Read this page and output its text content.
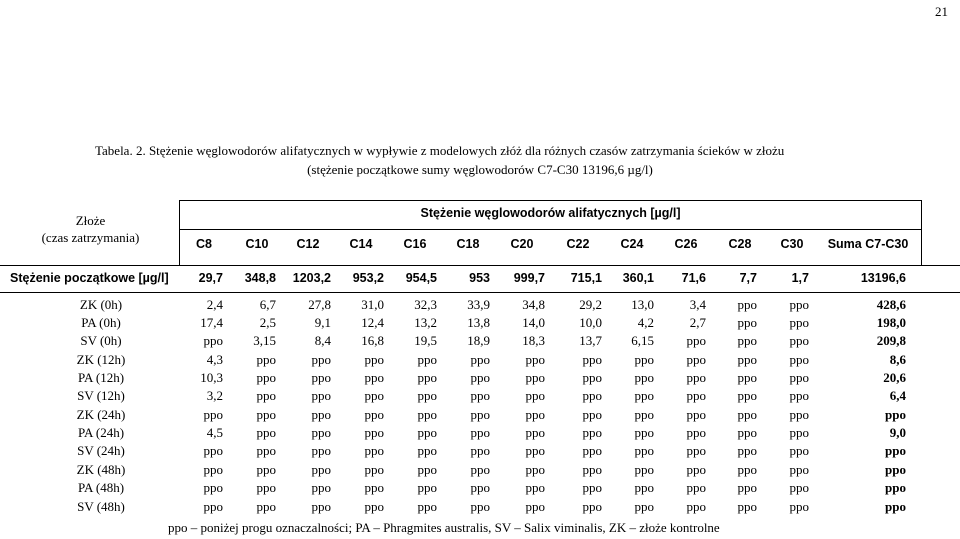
21
Tabela. 2. Stężenie węglowodorów alifatycznych w wypływie z modelowych złóż dla różnych czasów zatrzymania ścieków w złożu
(stężenie początkowe sumy węglowodorów C7-C30 13196,6 µg/l)
Złoże
(czas zatrzymania)
Stężenie węglowodorów alifatycznych [µg/l]
C8	C10	C12	C14	C16	C18	C20	C22	C24	C26	C28	C30	Suma C7-C30
Stężenie początkowe [µg/l]	29,7	348,8	1203,2	953,2	954,5	953	999,7	715,1	360,1	71,6	7,7	1,7	13196,6
ZK (0h)	2,4	6,7	27,8	31,0	32,3	33,9	34,8	29,2	13,0	3,4	ppo	ppo	428,6
PA (0h)	17,4	2,5	9,1	12,4	13,2	13,8	14,0	10,0	4,2	2,7	ppo	ppo	198,0
SV (0h)	ppo	3,15	8,4	16,8	19,5	18,9	18,3	13,7	6,15	ppo	ppo	ppo	209,8
ZK (12h)	4,3	ppo	ppo	ppo	ppo	ppo	ppo	ppo	ppo	ppo	ppo	ppo	8,6
PA (12h)	10,3	ppo	ppo	ppo	ppo	ppo	ppo	ppo	ppo	ppo	ppo	ppo	20,6
SV (12h)	3,2	ppo	ppo	ppo	ppo	ppo	ppo	ppo	ppo	ppo	ppo	ppo	6,4
ZK (24h)	ppo	ppo	ppo	ppo	ppo	ppo	ppo	ppo	ppo	ppo	ppo	ppo	ppo
PA (24h)	4,5	ppo	ppo	ppo	ppo	ppo	ppo	ppo	ppo	ppo	ppo	ppo	9,0
SV (24h)	ppo	ppo	ppo	ppo	ppo	ppo	ppo	ppo	ppo	ppo	ppo	ppo	ppo
ZK (48h)	ppo	ppo	ppo	ppo	ppo	ppo	ppo	ppo	ppo	ppo	ppo	ppo	ppo
PA (48h)	ppo	ppo	ppo	ppo	ppo	ppo	ppo	ppo	ppo	ppo	ppo	ppo	ppo
SV (48h)	ppo	ppo	ppo	ppo	ppo	ppo	ppo	ppo	ppo	ppo	ppo	ppo	ppo
ppo – poniżej progu oznaczalności; PA – Phragmites australis, SV – Salix viminalis, ZK – złoże kontrolne
